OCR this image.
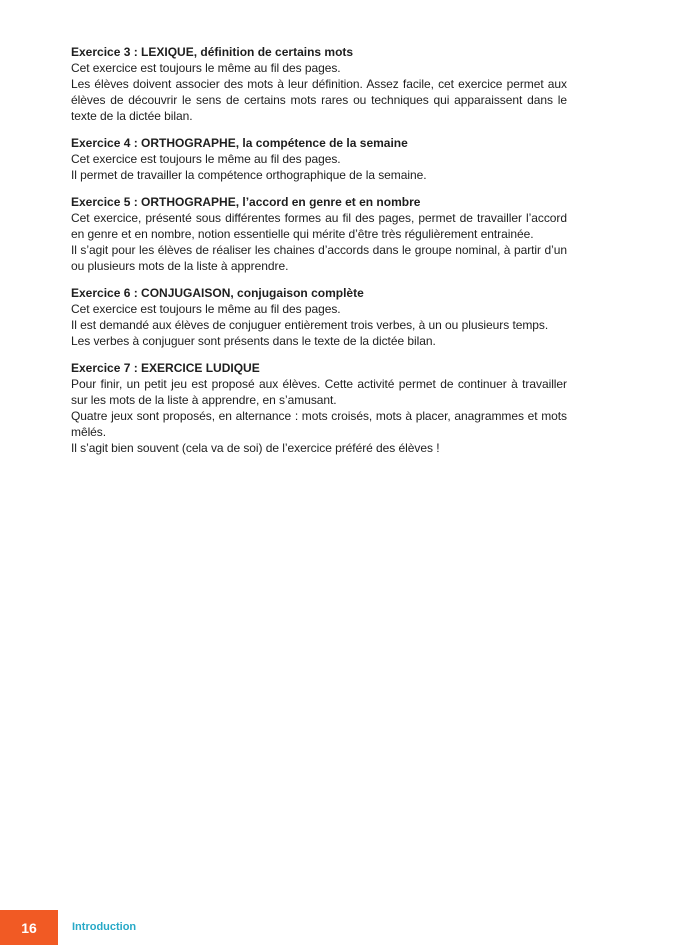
Exercice 3 : LEXIQUE, définition de certains mots

Cet exercice est toujours le même au fil des pages.

Les élèves doivent associer des mots à leur définition. Assez facile, cet exercice permet aux élèves de découvrir le sens de certains mots rares ou techniques qui apparaissent dans le texte de la dictée bilan.

Exercice 4 : ORTHOGRAPHE, la compétence de la semaine

Cet exercice est toujours le même au fil des pages.

Il permet de travailler la compétence orthographique de la semaine.

Exercice 5 : ORTHOGRAPHE, l’accord en genre et en nombre

Cet exercice, présenté sous différentes formes au fil des pages, permet de travailler l’accord en genre et en nombre, notion essentielle qui mérite d’être très régulièrement entrainée.

Il s’agit pour les élèves de réaliser les chaines d’accords dans le groupe nominal, à partir d’un ou plusieurs mots de la liste à apprendre.

Exercice 6 : CONJUGAISON, conjugaison complète

Cet exercice est toujours le même au fil des pages.

Il est demandé aux élèves de conjuguer entièrement trois verbes, à un ou plusieurs temps.

Les verbes à conjuguer sont présents dans le texte de la dictée bilan.

Exercice 7 : EXERCICE LUDIQUE

Pour finir, un petit jeu est proposé aux élèves. Cette activité permet de continuer à travailler sur les mots de la liste à apprendre, en s’amusant.

Quatre jeux sont proposés, en alternance : mots croisés, mots à placer, anagrammes et mots mêlés.

Il s’agit bien souvent (cela va de soi) de l’exercice préféré des élèves !

16	Introduction
